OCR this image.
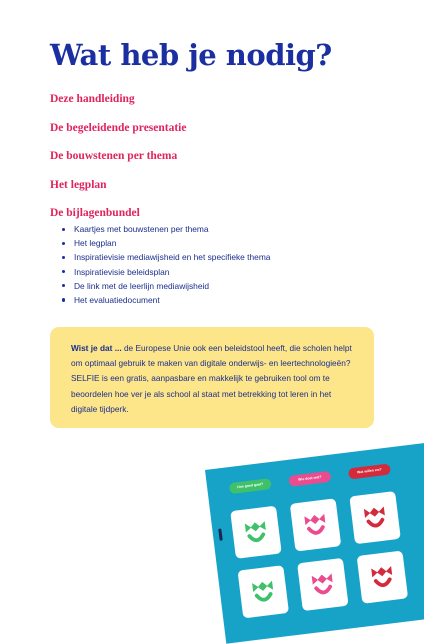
Wat heb je nodig?

Deze handleiding

De begeleidende presentatie

De bouwstenen per thema

Het legplan

De bijlagenbundel

Kaartjes met bouwstenen per thema
Het legplan
Inspiratievisie mediawijsheid en het specifieke thema
Inspiratievisie beleidsplan
De link met de leerlijn mediawijsheid
Het evaluatiedocument
Wist je dat ... de Europese Unie ook een beleidstool heeft, die scholen helpt om optimaal gebruik te maken van digitale onderwijs- en leertechnologieën? SELFIE is een gratis, aanpasbare en makkelijk te gebruiken tool om te beoordelen hoe ver je als school al staat met betrekking tot leren in het digitale tijdperk.
Hoe goed gaat?
Wie doet wat?
Wat willen we?
